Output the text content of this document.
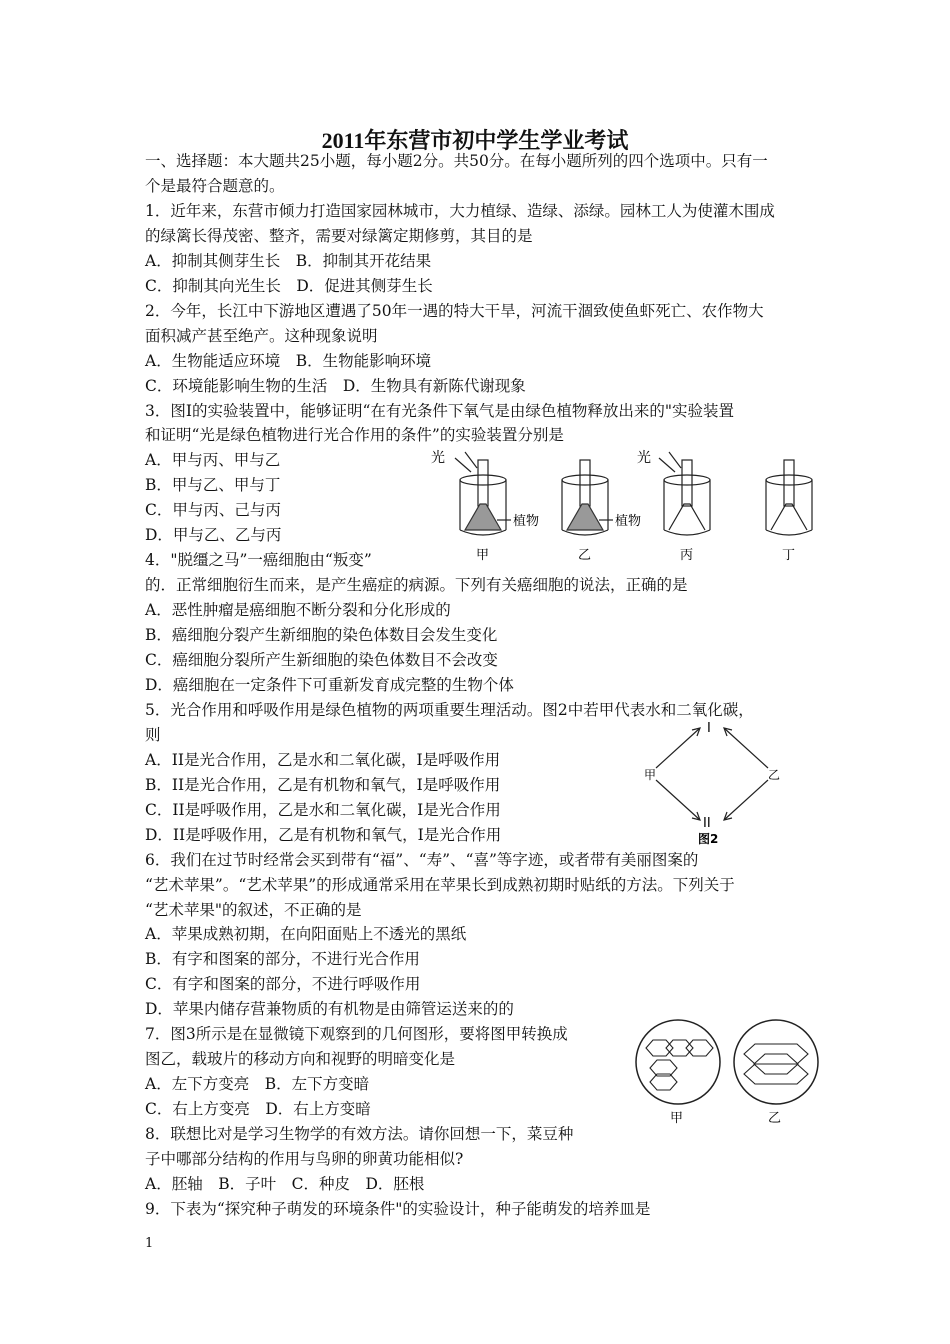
2011年东营市初中学生学业考试
一、选择题：本大题共25小题，每小题2分。共50分。在每小题所列的四个选项中。只有一
个是最符合题意的。
1．近年来，东营市倾力打造国家园林城市，大力植绿、造绿、添绿。园林工人为使灌木围成
的绿篱长得茂密、整齐，需要对绿篱定期修剪，其目的是
A．抑制其侧芽生长　B．抑制其开花结果
C．抑制其向光生长　D．促进其侧芽生长
2．今年，长江中下游地区遭遇了50年一遇的特大干旱，河流干涸致使鱼虾死亡、农作物大
面积减产甚至绝产。这种现象说明
A．生物能适应环境　B．生物能影响环境
C．环境能影响生物的生活　D．生物具有新陈代谢现象
3．图I的实验装置中，能够证明“在有光条件下氧气是由绿色植物释放出来的"实验装置
和证明“光是绿色植物进行光合作用的条件”的实验装置分别是
A．甲与丙、甲与乙
B．甲与乙、甲与丁
C．甲与丙、己与丙
D．甲与乙、乙与丙
4．"脱缰之马”一癌细胞由“叛变”
的．正常细胞衍生而来，是产生癌症的病源。下列有关癌细胞的说法，正确的是
A．恶性肿瘤是癌细胞不断分裂和分化形成的
B．癌细胞分裂产生新细胞的染色体数目会发生变化
C．癌细胞分裂所产生新细胞的染色体数目不会改变
D．癌细胞在一定条件下可重新发育成完整的生物个体
5．光合作用和呼吸作用是绿色植物的两项重要生理活动。图2中若甲代表水和二氧化碳，
则
A．II是光合作用，乙是水和二氧化碳，I是呼吸作用
B．II是光合作用，乙是有机物和氧气，I是呼吸作用
C．II是呼吸作用，乙是水和二氧化碳，I是光合作用
D．II是呼吸作用，乙是有机物和氧气，I是光合作用
6．我们在过节时经常会买到带有“福”、“寿”、“喜”等字迹，或者带有美丽图案的
“艺术苹果”。“艺术苹果”的形成通常采用在苹果长到成熟初期时贴纸的方法。下列关于
“艺术苹果"的叙述，不正确的是
A．苹果成熟初期，在向阳面贴上不透光的黑纸
B．有字和图案的部分，不进行光合作用
C．有字和图案的部分，不进行呼吸作用
D．苹果内储存营兼物质的有机物是由筛管运送来的的
7．图3所示是在显微镜下观察到的几何图形，要将图甲转换成
图乙，载玻片的移动方向和视野的明暗变化是
A．左下方变亮　B．左下方变暗
C．右上方变亮　D．右上方变暗
8．联想比对是学习生物学的有效方法。请你回想一下，菜豆种
子中哪部分结构的作用与鸟卵的卵黄功能相似?
A．胚轴　B．子叶　C．种皮　D．胚根
9．下表为“探究种子萌发的环境条件"的实验设计，种子能萌发的培养皿是
光	光
植物	植物
甲	乙	丙	丁
I
甲	乙
II
图2
甲	乙
1
